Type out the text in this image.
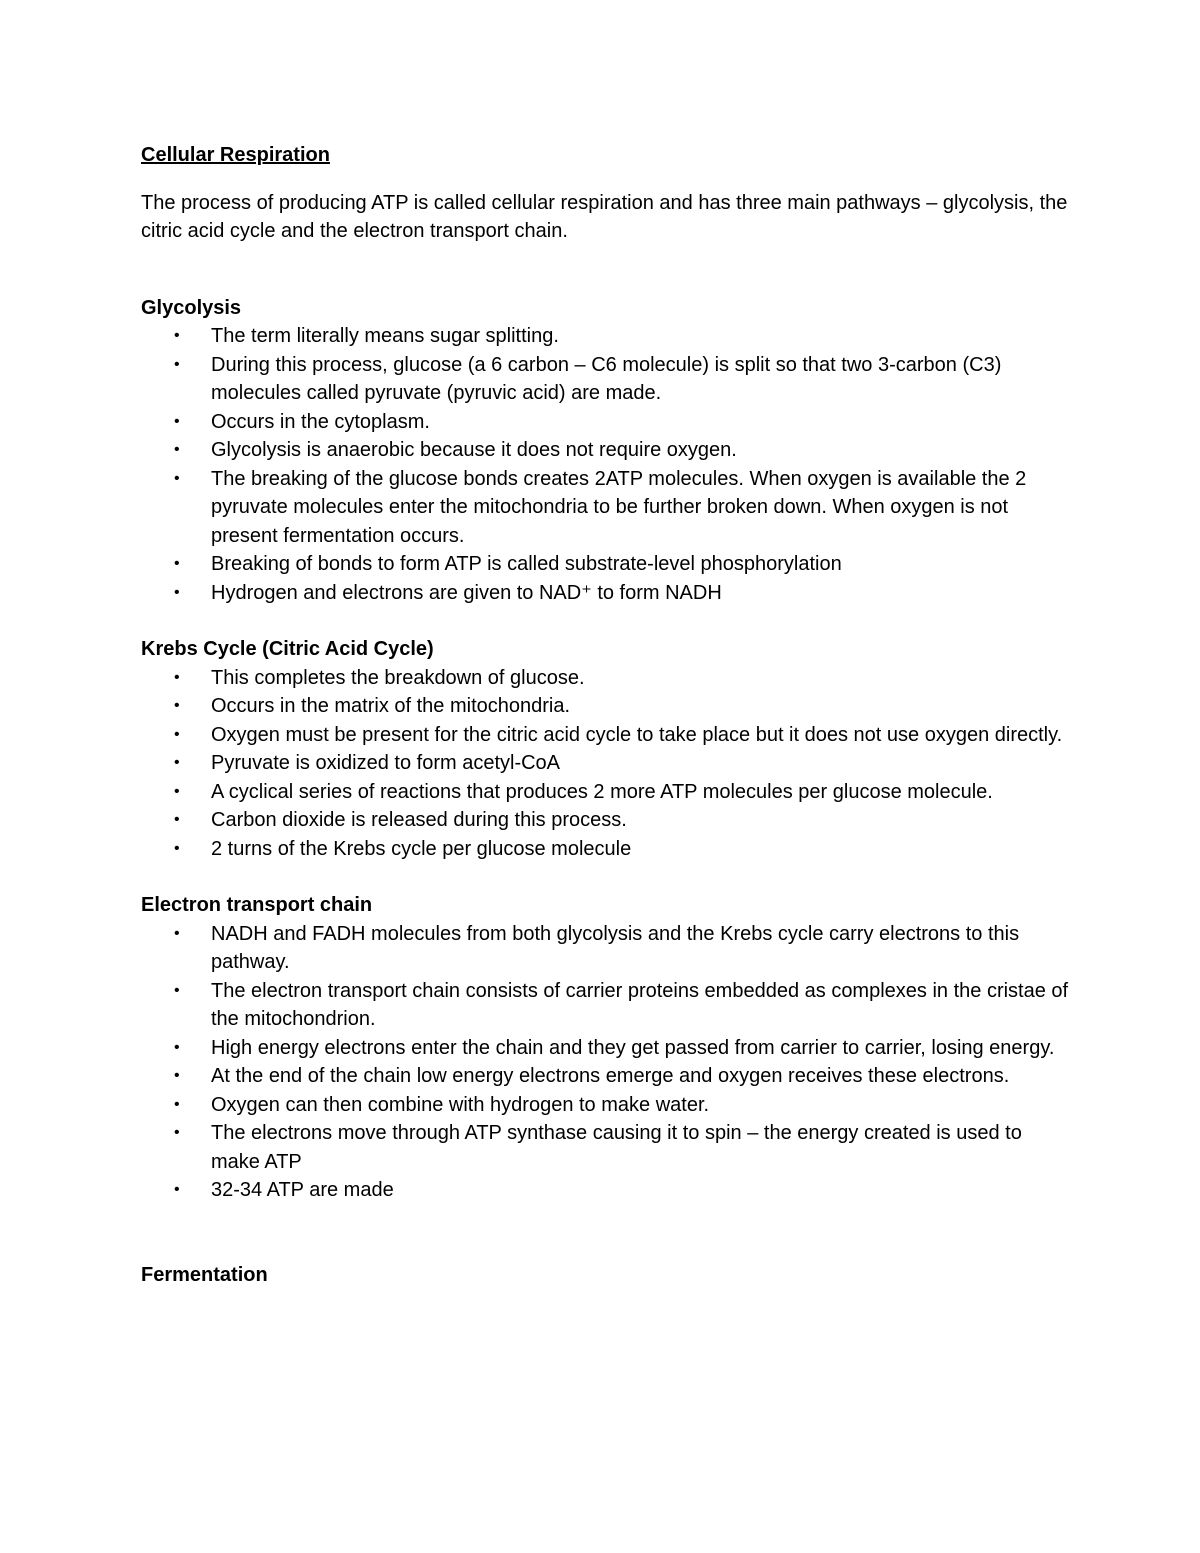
Cellular Respiration

The process of producing ATP is called cellular respiration and has three main pathways – glycolysis, the citric acid cycle and the electron transport chain.

Glycolysis

• The term literally means sugar splitting.
• During this process, glucose (a 6 carbon – C6 molecule) is split so that two 3-carbon (C3) molecules called pyruvate (pyruvic acid) are made.
• Occurs in the cytoplasm.
• Glycolysis is anaerobic because it does not require oxygen.
• The breaking of the glucose bonds creates 2ATP molecules. When oxygen is available the 2 pyruvate molecules enter the mitochondria to be further broken down. When oxygen is not present fermentation occurs.
• Breaking of bonds to form ATP is called substrate-level phosphorylation
• Hydrogen and electrons are given to NAD⁺ to form NADH

Krebs Cycle (Citric Acid Cycle)

• This completes the breakdown of glucose.
• Occurs in the matrix of the mitochondria.
• Oxygen must be present for the citric acid cycle to take place but it does not use oxygen directly.
• Pyruvate is oxidized to form acetyl-CoA
• A cyclical series of reactions that produces 2 more ATP molecules per glucose molecule.
• Carbon dioxide is released during this process.
• 2 turns of the Krebs cycle per glucose molecule

Electron transport chain

• NADH and FADH molecules from both glycolysis and the Krebs cycle carry electrons to this pathway.
• The electron transport chain consists of carrier proteins embedded as complexes in the cristae of the mitochondrion.
• High energy electrons enter the chain and they get passed from carrier to carrier, losing energy.
• At the end of the chain low energy electrons emerge and oxygen receives these electrons.
• Oxygen can then combine with hydrogen to make water.
• The electrons move through ATP synthase causing it to spin – the energy created is used to make ATP
• 32-34 ATP are made

Fermentation
